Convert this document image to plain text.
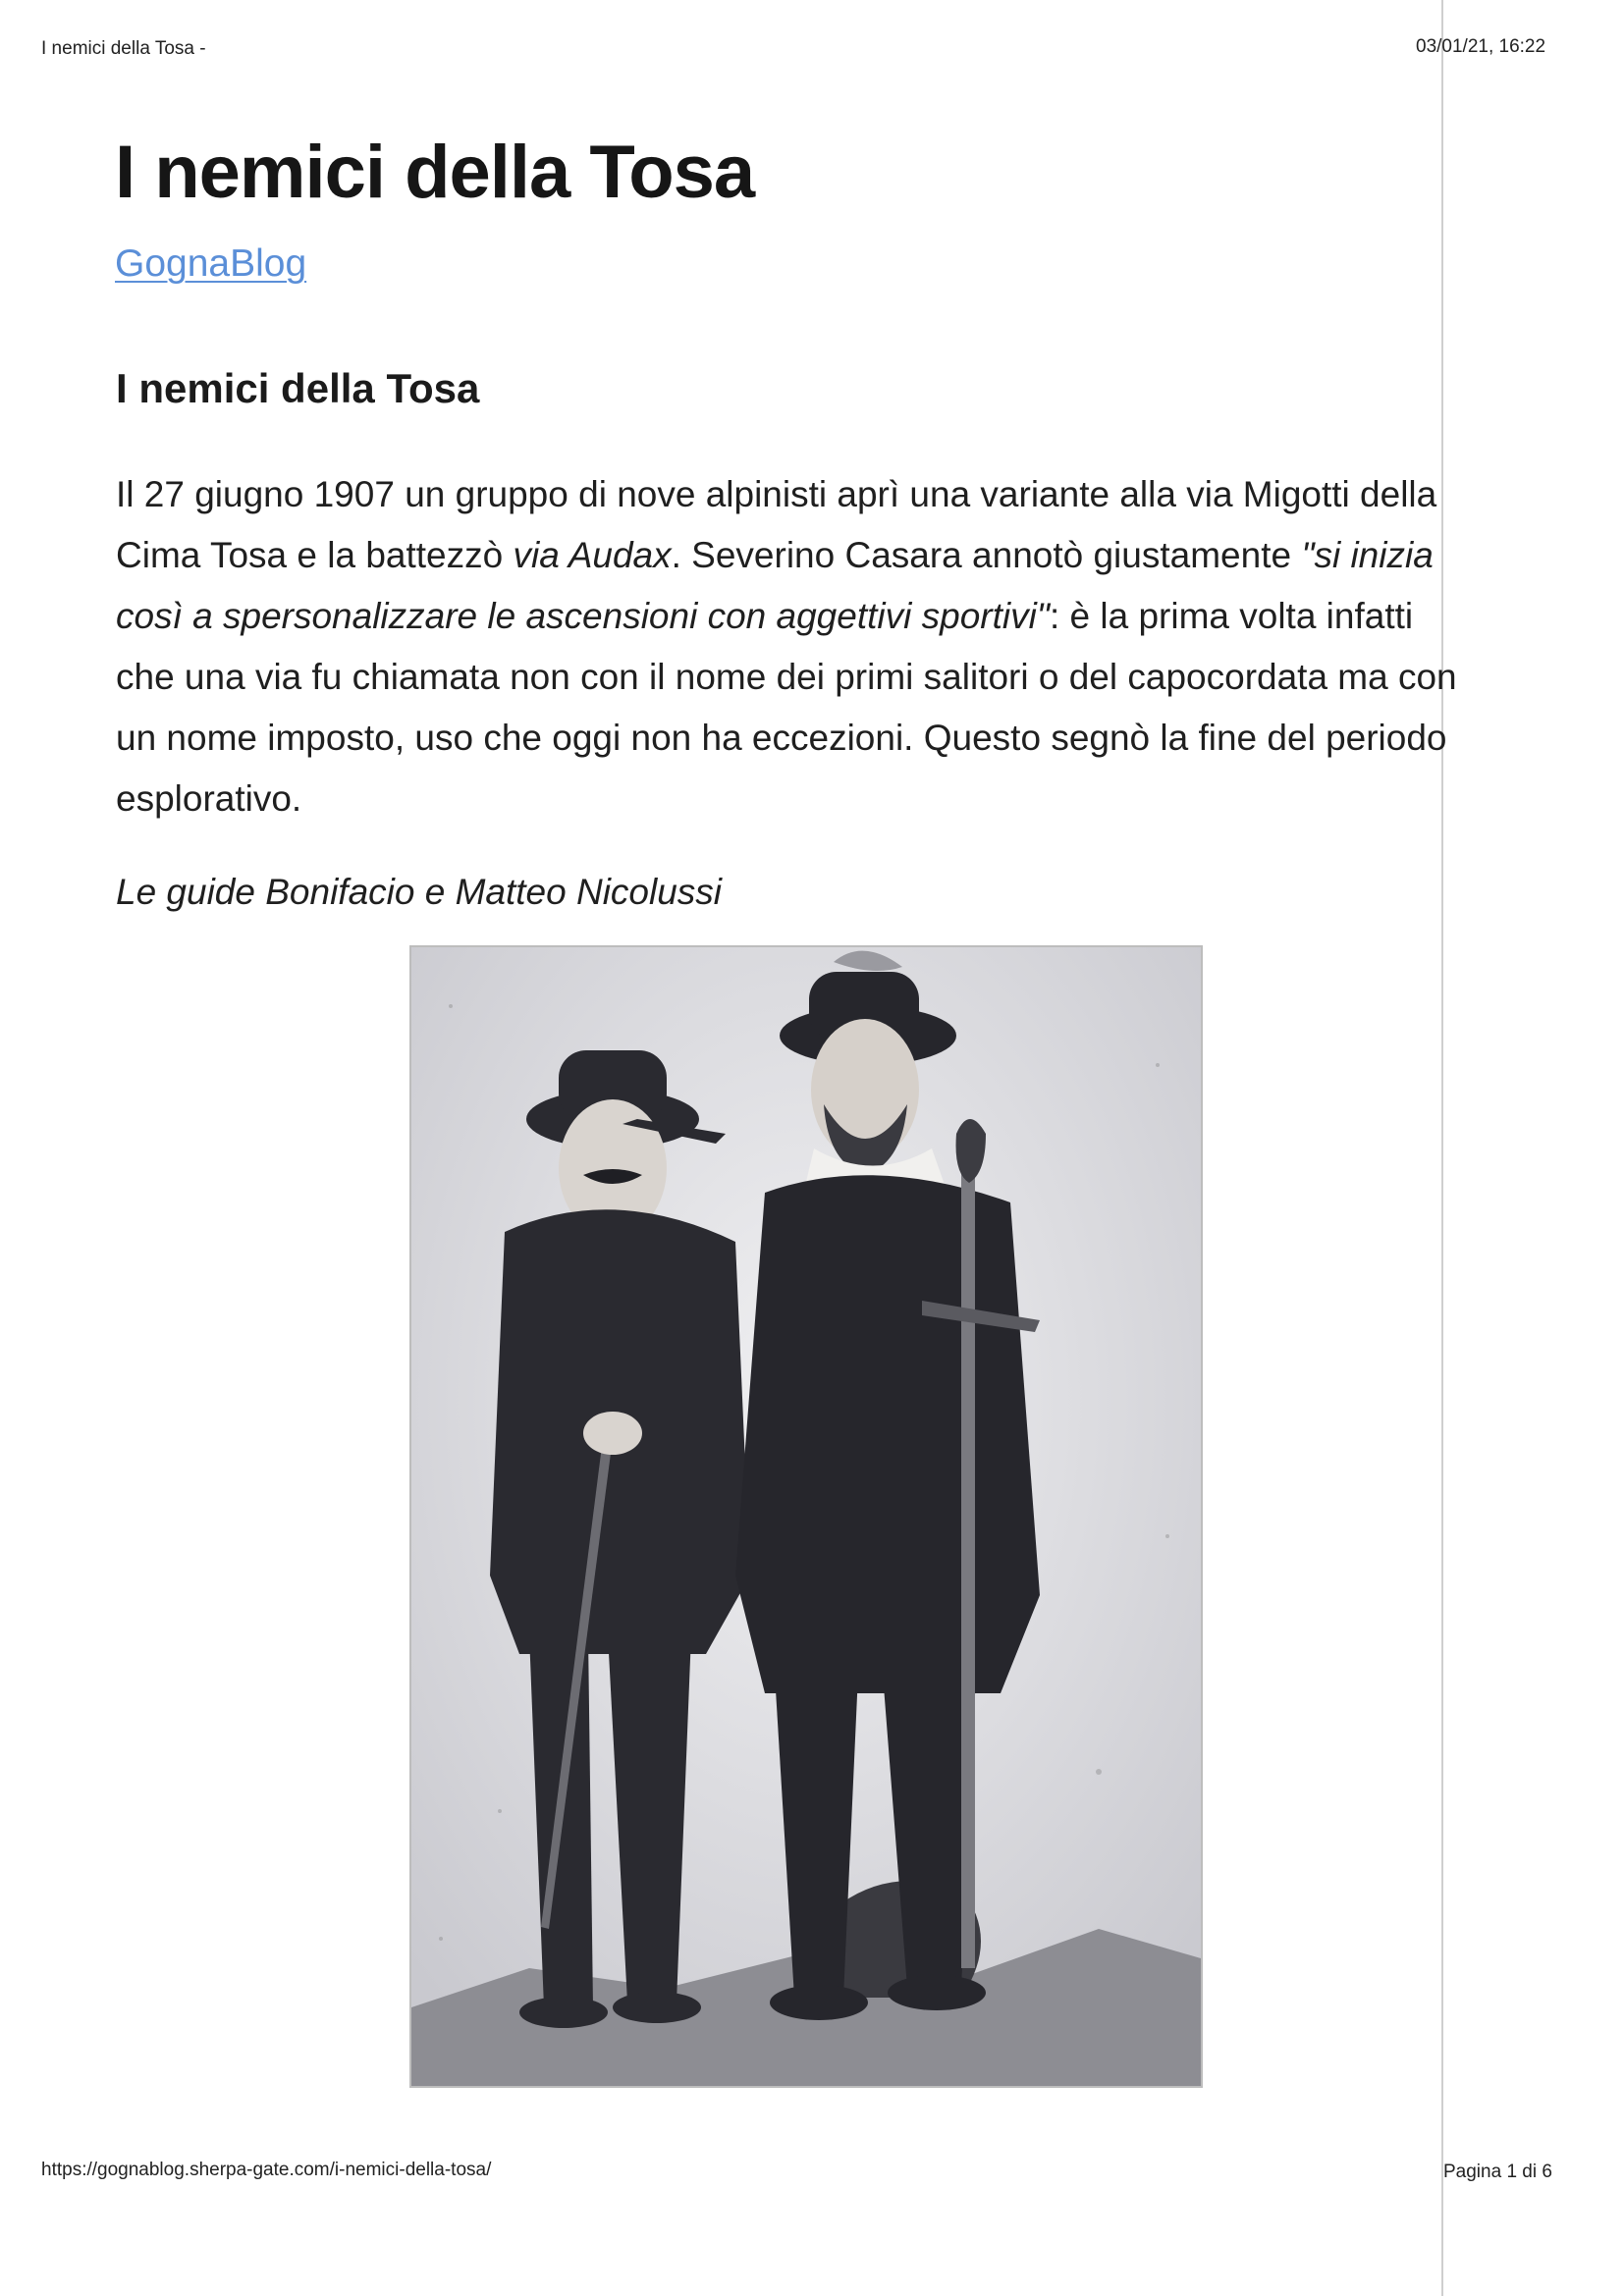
I nemici della Tosa -	03/01/21, 16:22
I nemici della Tosa
GognaBlog
I nemici della Tosa

Il 27 giugno 1907 un gruppo di nove alpinisti aprì una variante alla via Migotti della Cima Tosa e la battezzò via Audax. Severino Casara annotò giustamente "si inizia così a spersonalizzare le ascensioni con aggettivi sportivi": è la prima volta infatti che una via fu chiamata non con il nome dei primi salitori o del capocordata ma con un nome imposto, uso che oggi non ha eccezioni. Questo segnò la fine del periodo esplorativo.

Le guide Bonifacio e Matteo Nicolussi
https://gognablog.sherpa-gate.com/i-nemici-della-tosa/	Pagina 1 di 6
